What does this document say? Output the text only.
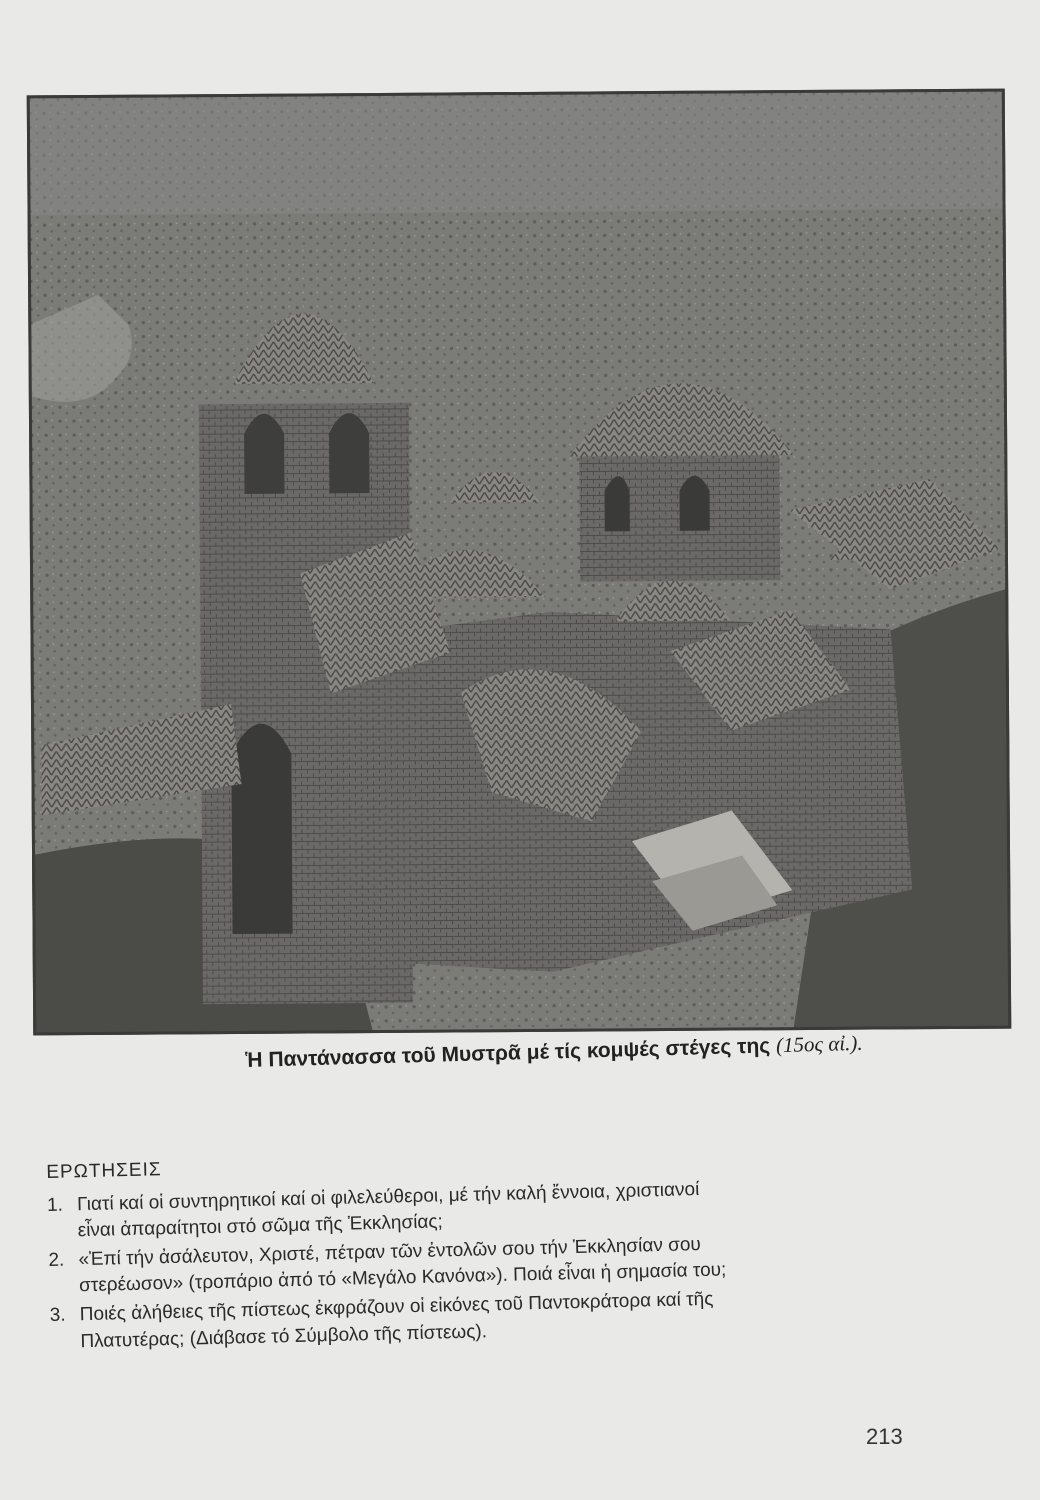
Ἡ Παντάνασσα τοῦ Μυστρᾶ μέ τίς κομψές στέγες της (15ος αἰ.).
ΕΡΩΤΗΣΕΙΣ
1. Γιατί καί οἱ συντηρητικοί καί οἱ φιλελεύθεροι, μέ τήν καλή ἔννοια, χριστιανοί
εἶναι ἀπαραίτητοι στό σῶμα τῆς Ἐκκλησίας;
2. «Ἐπί τήν ἀσάλευτον, Χριστέ, πέτραν τῶν ἐντολῶν σου τήν Ἐκκλησίαν σου
στερέωσον» (τροπάριο ἀπό τό «Μεγάλο Κανόνα»). Ποιά εἶναι ἡ σημασία του;
3. Ποιές ἀλήθειες τῆς πίστεως ἐκφράζουν οἱ εἰκόνες τοῦ Παντοκράτορα καί τῆς
Πλατυτέρας; (Διάβασε τό Σύμβολο τῆς πίστεως).
213
